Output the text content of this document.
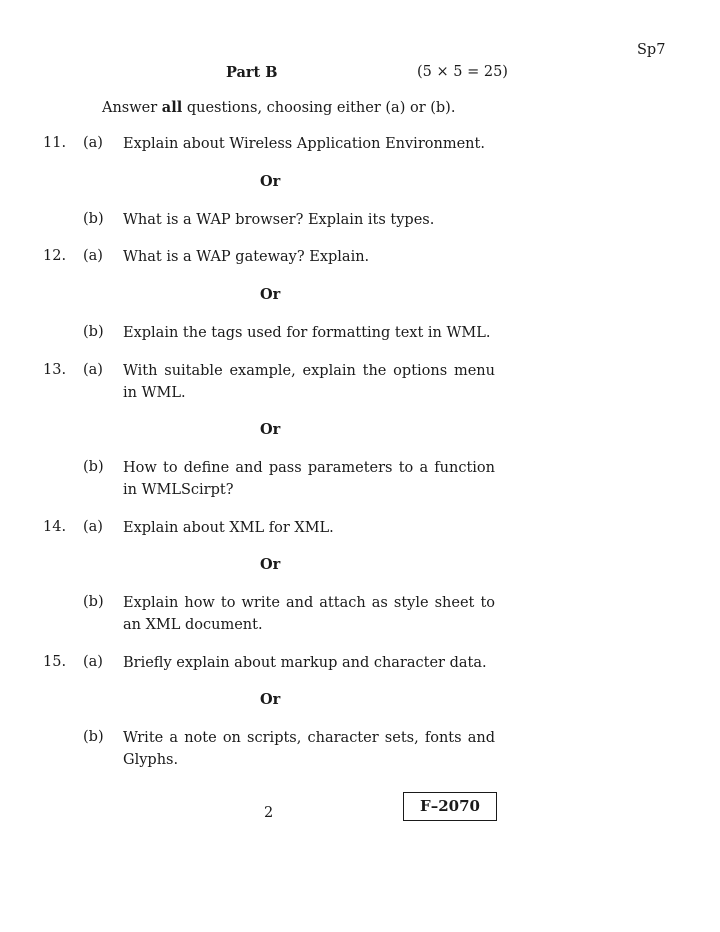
Sp7
Part B	(5 × 5 = 25)
Answer all questions, choosing either (a) or (b).
11. (a) Explain about Wireless Application Environment.
Or
(b) What is a WAP browser? Explain its types.
12. (a) What is a WAP gateway? Explain.
Or
(b) Explain the tags used for formatting text in WML.
13. (a) With suitable example, explain the options menu in WML.
Or
(b) How to define and pass parameters to a function in WMLScirpt?
14. (a) Explain about XML for XML.
Or
(b) Explain how to write and attach as style sheet to an XML document.
15. (a) Briefly explain about markup and character data.
Or
(b) Write a note on scripts, character sets, fonts and Glyphs.
2	F–2070
